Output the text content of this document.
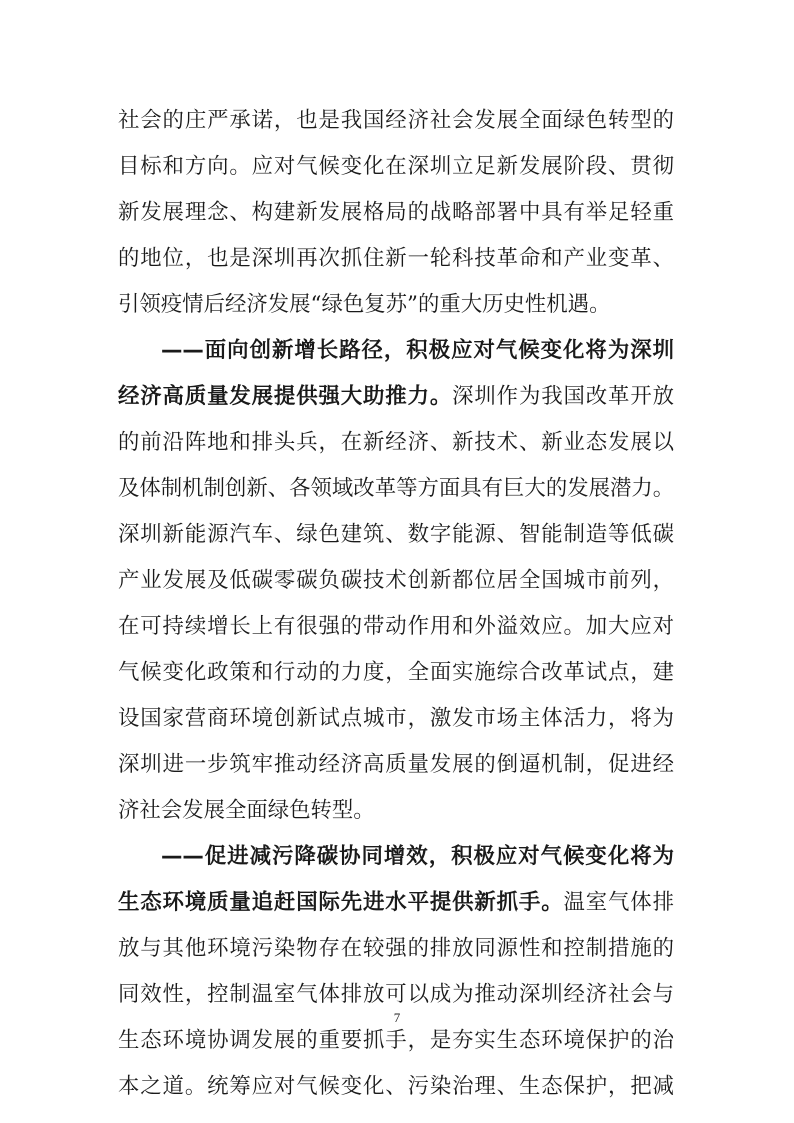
社会的庄严承诺，也是我国经济社会发展全面绿色转型的
目标和方向。应对气候变化在深圳立足新发展阶段、贯彻
新发展理念、构建新发展格局的战略部署中具有举足轻重
的地位，也是深圳再次抓住新一轮科技革命和产业变革、
引领疫情后经济发展“绿色复苏”的重大历史性机遇。
——面向创新增长路径，积极应对气候变化将为深圳
经济高质量发展提供强大助推力。深圳作为我国改革开放
的前沿阵地和排头兵，在新经济、新技术、新业态发展以
及体制机制创新、各领域改革等方面具有巨大的发展潜力。
深圳新能源汽车、绿色建筑、数字能源、智能制造等低碳
产业发展及低碳零碳负碳技术创新都位居全国城市前列，
在可持续增长上有很强的带动作用和外溢效应。加大应对
气候变化政策和行动的力度，全面实施综合改革试点，建
设国家营商环境创新试点城市，激发市场主体活力，将为
深圳进一步筑牢推动经济高质量发展的倒逼机制，促进经
济社会发展全面绿色转型。
——促进减污降碳协同增效，积极应对气候变化将为
生态环境质量追赶国际先进水平提供新抓手。温室气体排
放与其他环境污染物存在较强的排放同源性和控制措施的
同效性，控制温室气体排放可以成为推动深圳经济社会与
生态环境协调发展的重要抓手，是夯实生态环境保护的治
本之道。统筹应对气候变化、污染治理、生态保护，把减
7
